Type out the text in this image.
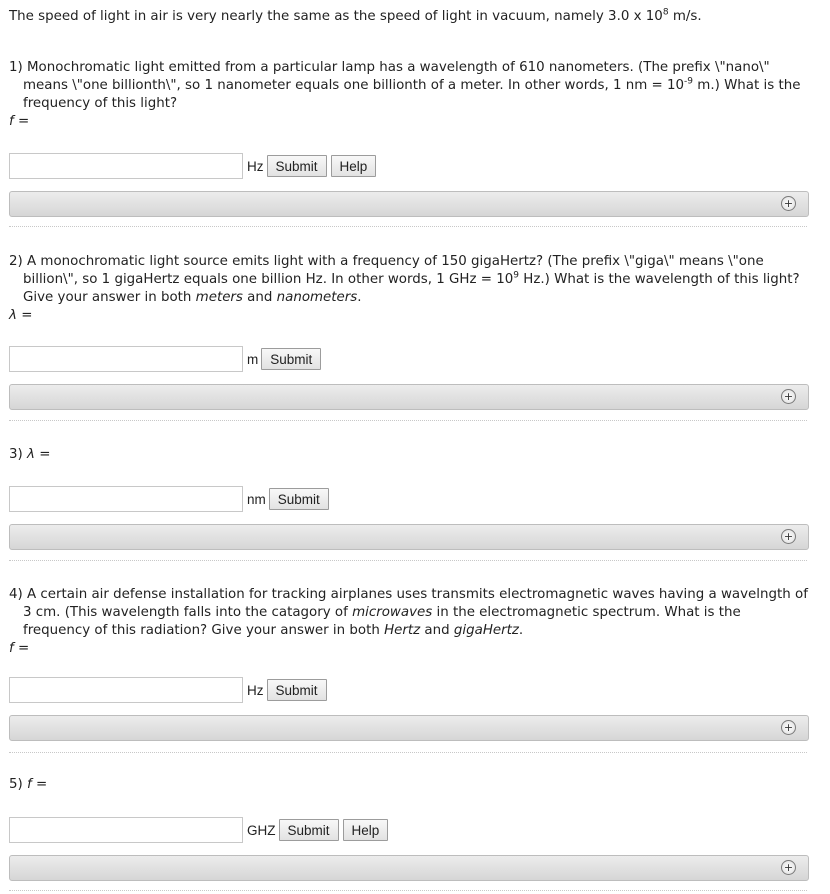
The speed of light in air is very nearly the same as the speed of light in vacuum, namely 3.0 x $10^8$ m/s.
1) Monochromatic light emitted from a particular lamp has a wavelength of 610 nanometers. (The prefix \"nano\" means \"one billionth\", so 1 nanometer equals one billionth of a meter. In other words, 1 nm = $10^{-9}$ m.) What is the frequency of this light?
f =
Hz Submit	Help
+
2) A monochromatic light source emits light with a frequency of 150 gigaHertz? (The prefix \"giga\" means \"one billion\", so 1 gigaHertz equals one billion Hz. In other words, 1 GHz = $10^9$ Hz.) What is the wavelength of this light? Give your answer in both meters and nanometers.
λ =
m Submit
+
3) λ =
nm Submit
+
4) A certain air defense installation for tracking airplanes uses transmits electromagnetic waves having a wavelngth of 3 cm. (This wavelength falls into the catagory of microwaves in the electromagnetic spectrum. What is the frequency of this radiation? Give your answer in both Hertz and gigaHertz.
f =
Hz Submit
+
5) f =
GHZ Submit	Help
+
